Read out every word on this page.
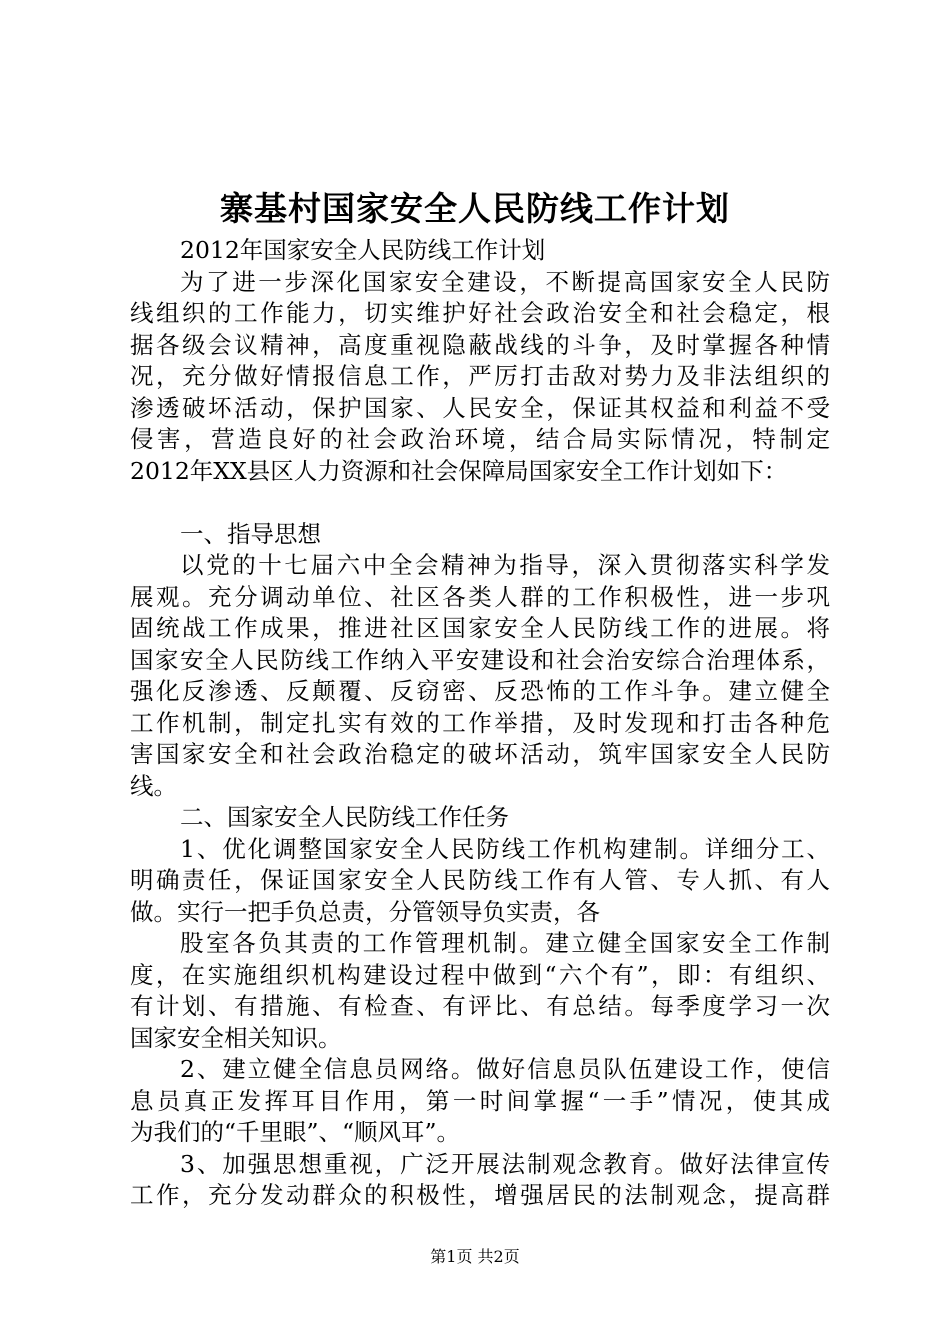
寨基村国家安全人民防线工作计划
2012年国家安全人民防线工作计划
为了进一步深化国家安全建设，不断提高国家安全人民防
线组织的工作能力，切实维护好社会政治安全和社会稳定，根
据各级会议精神，高度重视隐蔽战线的斗争，及时掌握各种情
况，充分做好情报信息工作，严厉打击敌对势力及非法组织的
渗透破坏活动，保护国家、人民安全，保证其权益和利益不受
侵害，营造良好的社会政治环境，结合局实际情况，特制定
2012年XX县区人力资源和社会保障局国家安全工作计划如下：
一、指导思想
以党的十七届六中全会精神为指导，深入贯彻落实科学发
展观。充分调动单位、社区各类人群的工作积极性，进一步巩
固统战工作成果，推进社区国家安全人民防线工作的进展。将
国家安全人民防线工作纳入平安建设和社会治安综合治理体系，
强化反渗透、反颠覆、反窃密、反恐怖的工作斗争。建立健全
工作机制，制定扎实有效的工作举措，及时发现和打击各种危
害国家安全和社会政治稳定的破坏活动，筑牢国家安全人民防
线。
二、国家安全人民防线工作任务
1、优化调整国家安全人民防线工作机构建制。详细分工、
明确责任，保证国家安全人民防线工作有人管、专人抓、有人
做。实行一把手负总责，分管领导负实责，各
股室各负其责的工作管理机制。建立健全国家安全工作制
度，在实施组织机构建设过程中做到“六个有”，即：有组织、
有计划、有措施、有检查、有评比、有总结。每季度学习一次
国家安全相关知识。
2、建立健全信息员网络。做好信息员队伍建设工作，使信
息员真正发挥耳目作用，第一时间掌握“一手”情况，使其成
为我们的“千里眼”、“顺风耳”。
3、加强思想重视，广泛开展法制观念教育。做好法律宣传
工作，充分发动群众的积极性，增强居民的法制观念，提高群
第1页 共2页
